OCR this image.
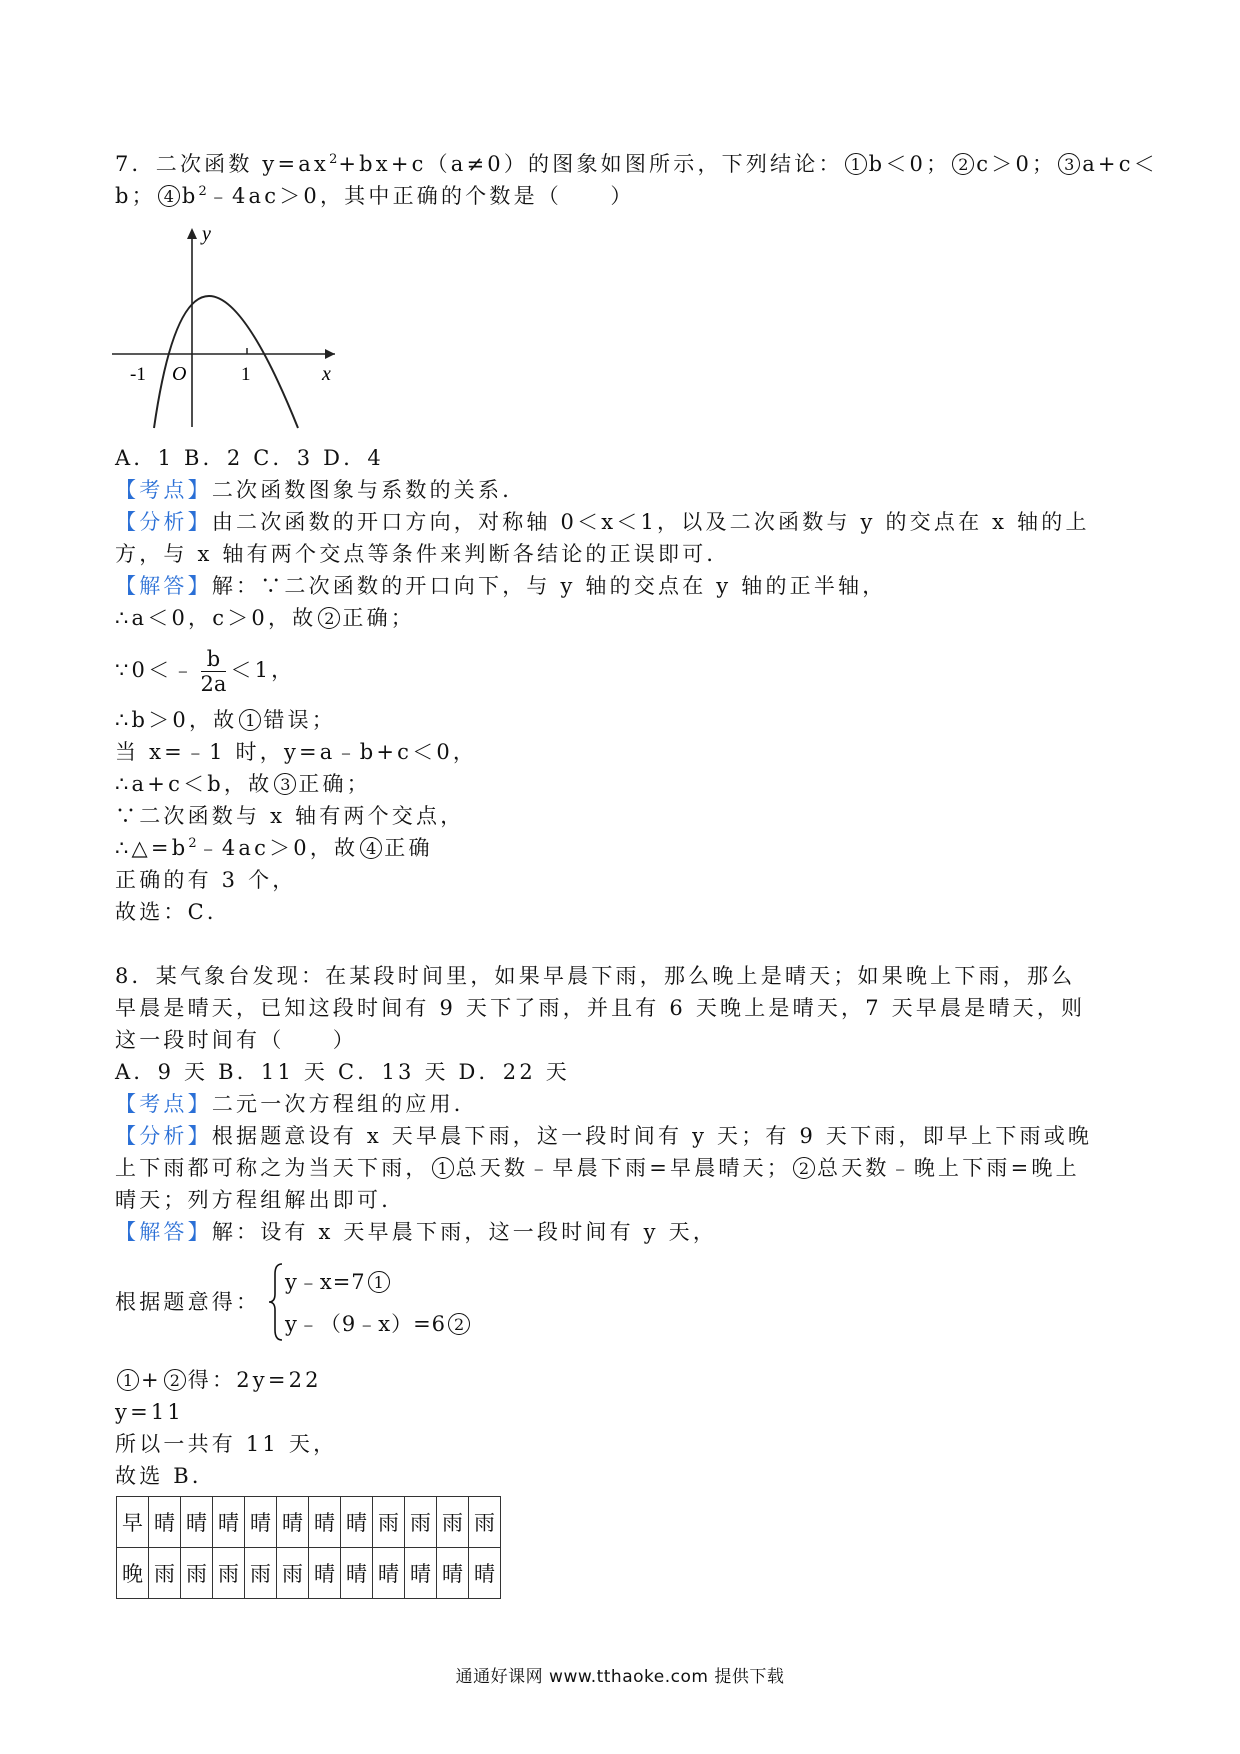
7．二次函数 $y=ax^2+bx+c(a\ne 0)$的图象如图所示，下列结论： 1 b＜0； 2 c＞0； 3 a+c＜
b； 4 $b^2﹣4ac>0$，其中正确的个数是（　　）
y
x
O
-1	1
A．1 B．2 C．3 D．4
【考点】二次函数图象与系数的关系．
【分析】由二次函数的开口方向，对称轴 0＜x＜1，以及二次函数与 y 的交点在 x 轴的上
方，与 x 轴有两个交点等条件来判断各结论的正误即可．
【解答】解：∵二次函数的开口向下，与 y 轴的交点在 y 轴的正半轴，
∴a＜0，c＞0，故 2 正确；
∵0＜﹣ $\frac{b}{2a} <1$，
∴b＞0，故 1 错误；
当 x=﹣1 时，y=a﹣b+c＜0，
∴a+c＜b，故 3 正确；
∵二次函数与 x 轴有两个交点，
$\therefore\triangle=b^2﹣4ac>0$，故 4 正确
正确的有 3 个，
故选：C．
8．某气象台发现：在某段时间里，如果早晨下雨，那么晚上是晴天；如果晚上下雨，那么
早晨是晴天，已知这段时间有 9 天下了雨，并且有 6 天晚上是晴天，7 天早晨是晴天，则
这一段时间有（　　）
A．9 天 B．11 天 C．13 天 D．22 天
【考点】二元一次方程组的应用．
【分析】根据题意设有 x 天早晨下雨，这一段时间有 y 天；有 9 天下雨，即早上下雨或晚
上下雨都可称之为当天下雨， 1 总天数﹣早晨下雨=早晨晴天； 2 总天数﹣晚上下雨=晚上
晴天；列方程组解出即可．
【解答】解：设有 x 天早晨下雨，这一段时间有 y 天，
根据题意得：
y﹣x=7 1
y﹣（9﹣x）=6 2
1 + 2 得：2y=22
y=11
所以一共有 11 天，
故选 B．
早	晴	晴	晴	晴	晴	晴	晴	雨	雨	雨	雨
晚	雨	雨	雨	雨	雨	晴	晴	晴	晴	晴	晴
通通好课网 www.tthaoke.com 提供下载
